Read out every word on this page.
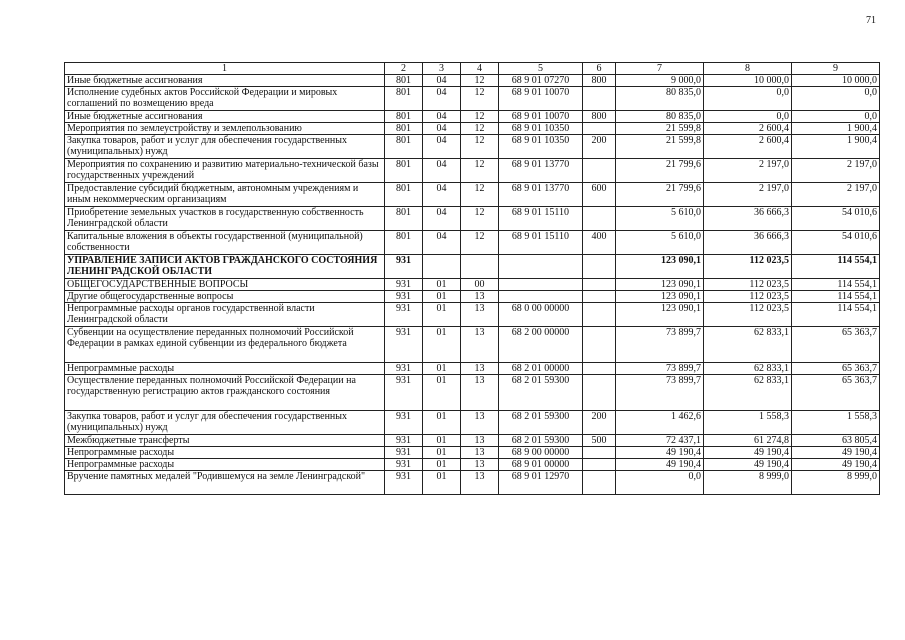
71
1	2	3	4	5	6	7	8	9
Иные бюджетные ассигнования	801	04	12	68 9 01 07270	800	9 000,0	10 000,0	10 000,0
Исполнение судебных актов Российской Федерации и мировых соглашений по возмещению вреда	801	04	12	68 9 01 10070		80 835,0	0,0	0,0
Иные бюджетные ассигнования	801	04	12	68 9 01 10070	800	80 835,0	0,0	0,0
Мероприятия по землеустройству и землепользованию	801	04	12	68 9 01 10350		21 599,8	2 600,4	1 900,4
Закупка товаров, работ и услуг для обеспечения государственных (муниципальных) нужд	801	04	12	68 9 01 10350	200	21 599,8	2 600,4	1 900,4
Мероприятия по сохранению и развитию материально-технической базы государственных учреждений	801	04	12	68 9 01 13770		21 799,6	2 197,0	2 197,0
Предоставление субсидий бюджетным, автономным учреждениям и иным некоммерческим организациям	801	04	12	68 9 01 13770	600	21 799,6	2 197,0	2 197,0
Приобретение земельных участков в государственную собственность Ленинградской области	801	04	12	68 9 01 15110		5 610,0	36 666,3	54 010,6
Капитальные вложения в объекты государственной (муниципальной) собственности	801	04	12	68 9 01 15110	400	5 610,0	36 666,3	54 010,6
УПРАВЛЕНИЕ ЗАПИСИ АКТОВ ГРАЖДАНСКОГО СОСТОЯНИЯ ЛЕНИНГРАДСКОЙ ОБЛАСТИ	931					123 090,1	112 023,5	114 554,1
ОБЩЕГОСУДАРСТВЕННЫЕ ВОПРОСЫ	931	01	00			123 090,1	112 023,5	114 554,1
Другие общегосударственные вопросы	931	01	13			123 090,1	112 023,5	114 554,1
Непрограммные расходы органов государственной власти Ленинградской области	931	01	13	68 0 00 00000		123 090,1	112 023,5	114 554,1
Субвенции на осуществление переданных полномочий Российской Федерации в рамках единой субвенции из федерального бюджета	931	01	13	68 2 00 00000		73 899,7	62 833,1	65 363,7
Непрограммные расходы	931	01	13	68 2 01 00000		73 899,7	62 833,1	65 363,7
Осуществление переданных полномочий Российской Федерации на государственную регистрацию актов гражданского состояния	931	01	13	68 2 01 59300		73 899,7	62 833,1	65 363,7
Закупка товаров, работ и услуг для обеспечения государственных (муниципальных) нужд	931	01	13	68 2 01 59300	200	1 462,6	1 558,3	1 558,3
Межбюджетные трансферты	931	01	13	68 2 01 59300	500	72 437,1	61 274,8	63 805,4
Непрограммные расходы	931	01	13	68 9 00 00000		49 190,4	49 190,4	49 190,4
Непрограммные расходы	931	01	13	68 9 01 00000		49 190,4	49 190,4	49 190,4
Вручение памятных медалей "Родившемуся на земле Ленинградской"	931	01	13	68 9 01 12970		0,0	8 999,0	8 999,0
